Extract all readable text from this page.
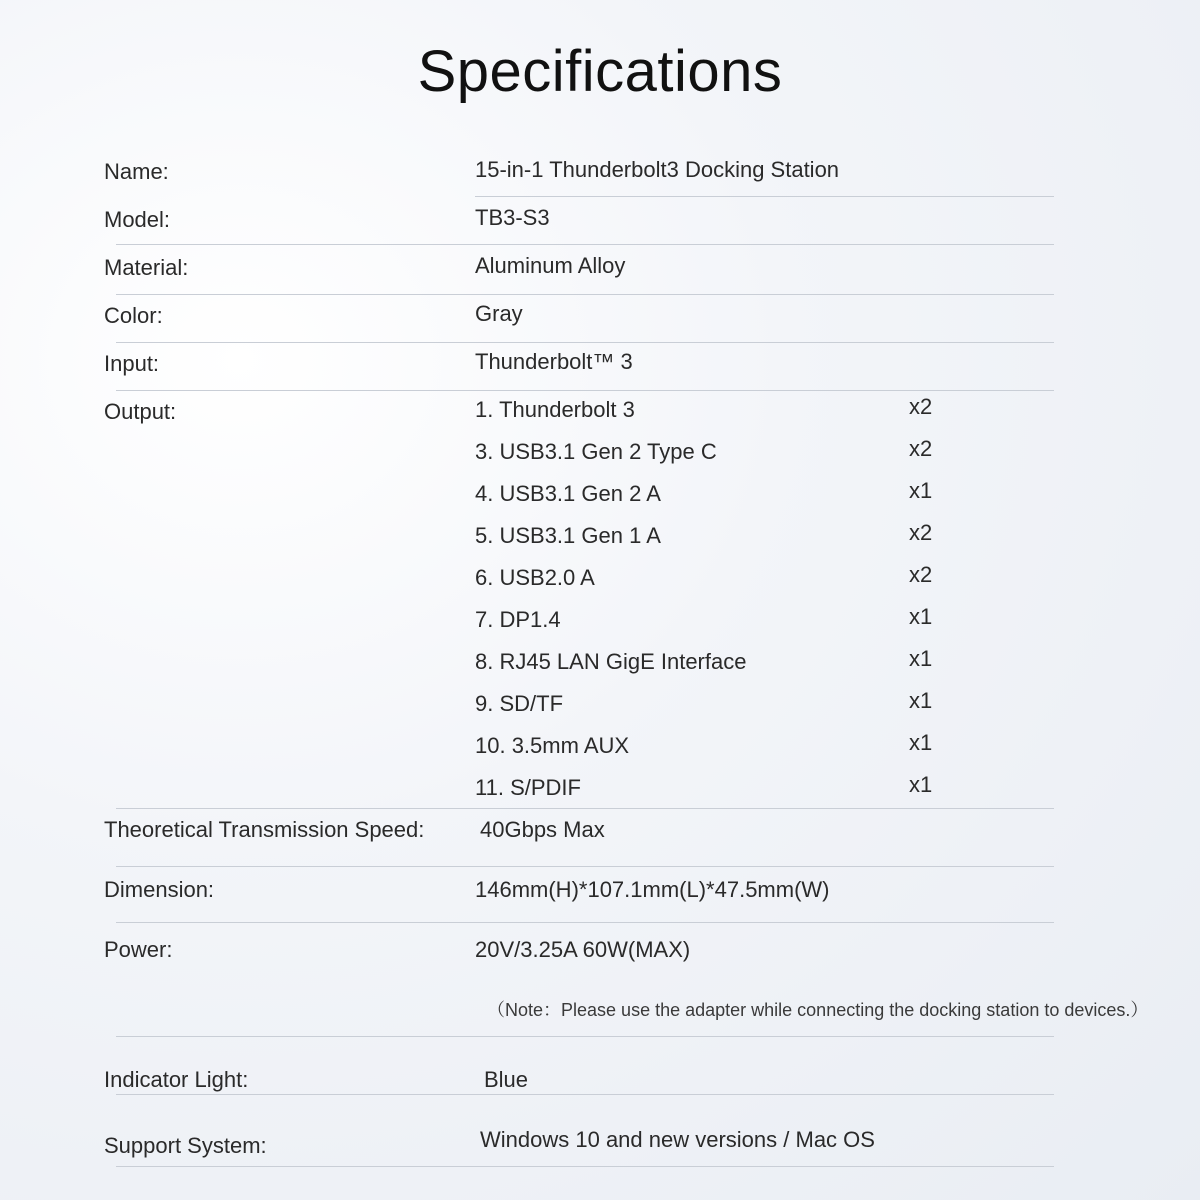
Specifications
Name:	15-in-1 Thunderbolt3 Docking Station
Model:	TB3-S3
Material:	Aluminum Alloy
Color:	Gray
Input:	Thunderbolt™ 3
Output:	1. Thunderbolt 3	x2
3. USB3.1 Gen 2 Type C	x2
4. USB3.1 Gen 2 A	x1
5. USB3.1 Gen 1 A	x2
6. USB2.0 A	x2
7. DP1.4	x1
8. RJ45 LAN GigE Interface	x1
9. SD/TF	x1
10. 3.5mm AUX	x1
11. S/PDIF	x1
Theoretical Transmission Speed:	40Gbps Max
Dimension:	146mm(H)*107.1mm(L)*47.5mm(W)
Power:	20V/3.25A 60W(MAX)
（Note：Please use the adapter while connecting the docking station to devices.）
Indicator Light:	Blue
Support System:	Windows 10 and new versions / Mac OS
